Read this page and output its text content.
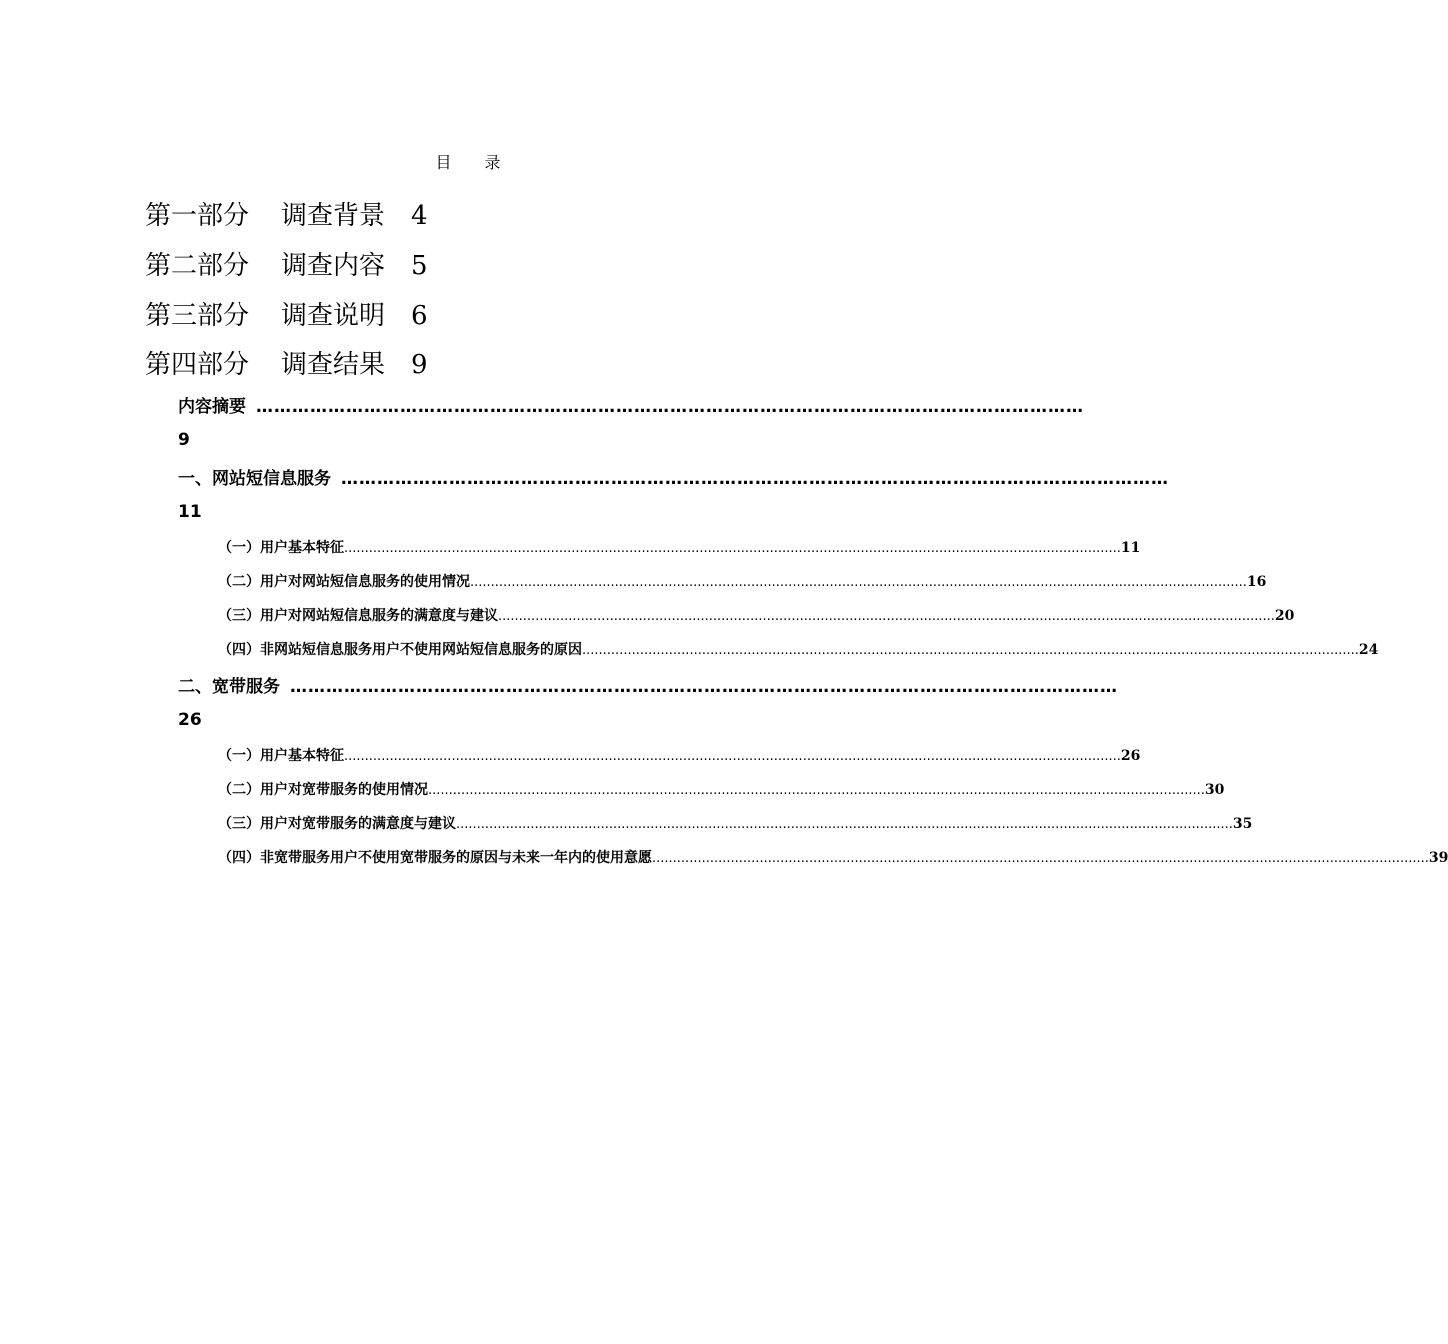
目 录
第一部分 调查背景 4
第二部分 调查内容 5
第三部分 调查说明 6
第四部分 调查结果 9
内容摘要 …………………………………………………………………………………………………………………………
9
一、网站短信息服务 …………………………………………………………………………………………………………………………
11
（一）用户基本特征 ............................................................................................................................................................................................ 11
（二）用户对网站短信息服务的使用情况 ............................................................................................................................................................................................ 16
（三）用户对网站短信息服务的满意度与建议 ............................................................................................................................................................................................ 20
（四）非网站短信息服务用户不使用网站短信息服务的原因 ............................................................................................................................................................................................ 24
二、宽带服务 …………………………………………………………………………………………………………………………
26
（一）用户基本特征 ............................................................................................................................................................................................ 26
（二）用户对宽带服务的使用情况 ............................................................................................................................................................................................ 30
（三）用户对宽带服务的满意度与建议 ............................................................................................................................................................................................ 35
（四）非宽带服务用户不使用宽带服务的原因与未来一年内的使用意愿 ............................................................................................................................................................................................ 39
